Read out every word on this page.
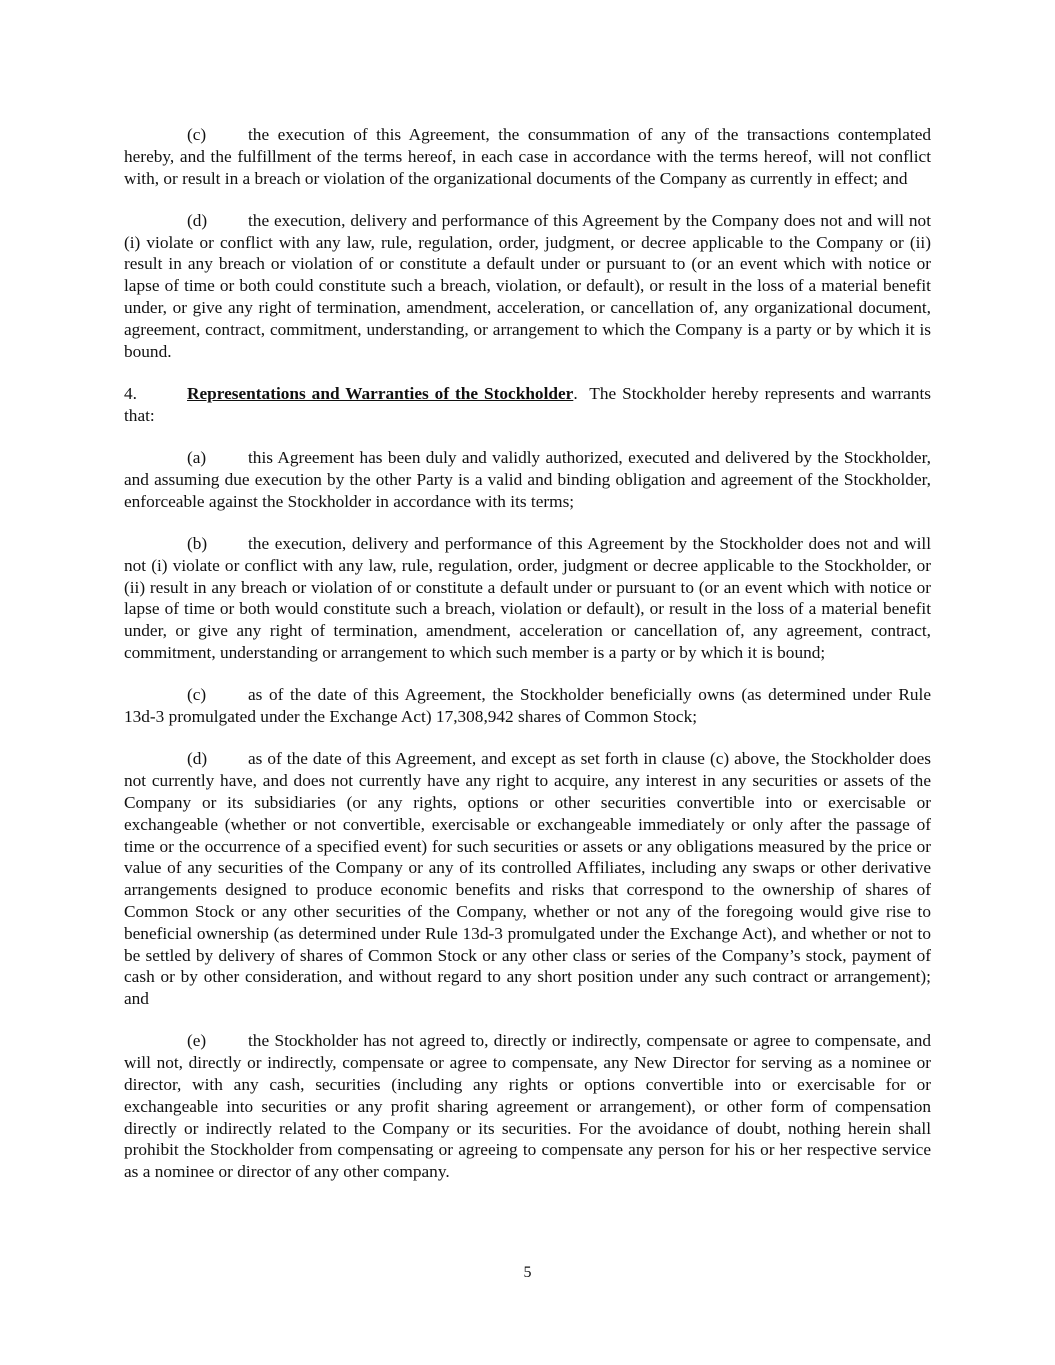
(c) the execution of this Agreement, the consummation of any of the transactions contemplated hereby, and the fulfillment of the terms hereof, in each case in accordance with the terms hereof, will not conflict with, or result in a breach or violation of the organizational documents of the Company as currently in effect; and

(d) the execution, delivery and performance of this Agreement by the Company does not and will not (i) violate or conflict with any law, rule, regulation, order, judgment, or decree applicable to the Company or (ii) result in any breach or violation of or constitute a default under or pursuant to (or an event which with notice or lapse of time or both could constitute such a breach, violation, or default), or result in the loss of a material benefit under, or give any right of termination, amendment, acceleration, or cancellation of, any organizational document, agreement, contract, commitment, understanding, or arrangement to which the Company is a party or by which it is bound.

4.	Representations and Warranties of the Stockholder. The Stockholder hereby represents and warrants that:

(a) this Agreement has been duly and validly authorized, executed and delivered by the Stockholder, and assuming due execution by the other Party is a valid and binding obligation and agreement of the Stockholder, enforceable against the Stockholder in accordance with its terms;

(b) the execution, delivery and performance of this Agreement by the Stockholder does not and will not (i) violate or conflict with any law, rule, regulation, order, judgment or decree applicable to the Stockholder, or (ii) result in any breach or violation of or constitute a default under or pursuant to (or an event which with notice or lapse of time or both would constitute such a breach, violation or default), or result in the loss of a material benefit under, or give any right of termination, amendment, acceleration or cancellation of, any agreement, contract, commitment, understanding or arrangement to which such member is a party or by which it is bound;

(c) as of the date of this Agreement, the Stockholder beneficially owns (as determined under Rule 13d-3 promulgated under the Exchange Act) 17,308,942 shares of Common Stock;

(d) as of the date of this Agreement, and except as set forth in clause (c) above, the Stockholder does not currently have, and does not currently have any right to acquire, any interest in any securities or assets of the Company or its subsidiaries (or any rights, options or other securities convertible into or exercisable or exchangeable (whether or not convertible, exercisable or exchangeable immediately or only after the passage of time or the occurrence of a specified event) for such securities or assets or any obligations measured by the price or value of any securities of the Company or any of its controlled Affiliates, including any swaps or other derivative arrangements designed to produce economic benefits and risks that correspond to the ownership of shares of Common Stock or any other securities of the Company, whether or not any of the foregoing would give rise to beneficial ownership (as determined under Rule 13d-3 promulgated under the Exchange Act), and whether or not to be settled by delivery of shares of Common Stock or any other class or series of the Company’s stock, payment of cash or by other consideration, and without regard to any short position under any such contract or arrangement); and

(e) the Stockholder has not agreed to, directly or indirectly, compensate or agree to compensate, and will not, directly or indirectly, compensate or agree to compensate, any New Director for serving as a nominee or director, with any cash, securities (including any rights or options convertible into or exercisable for or exchangeable into securities or any profit sharing agreement or arrangement), or other form of compensation directly or indirectly related to the Company or its securities. For the avoidance of doubt, nothing herein shall prohibit the Stockholder from compensating or agreeing to compensate any person for his or her respective service as a nominee or director of any other company.

5
